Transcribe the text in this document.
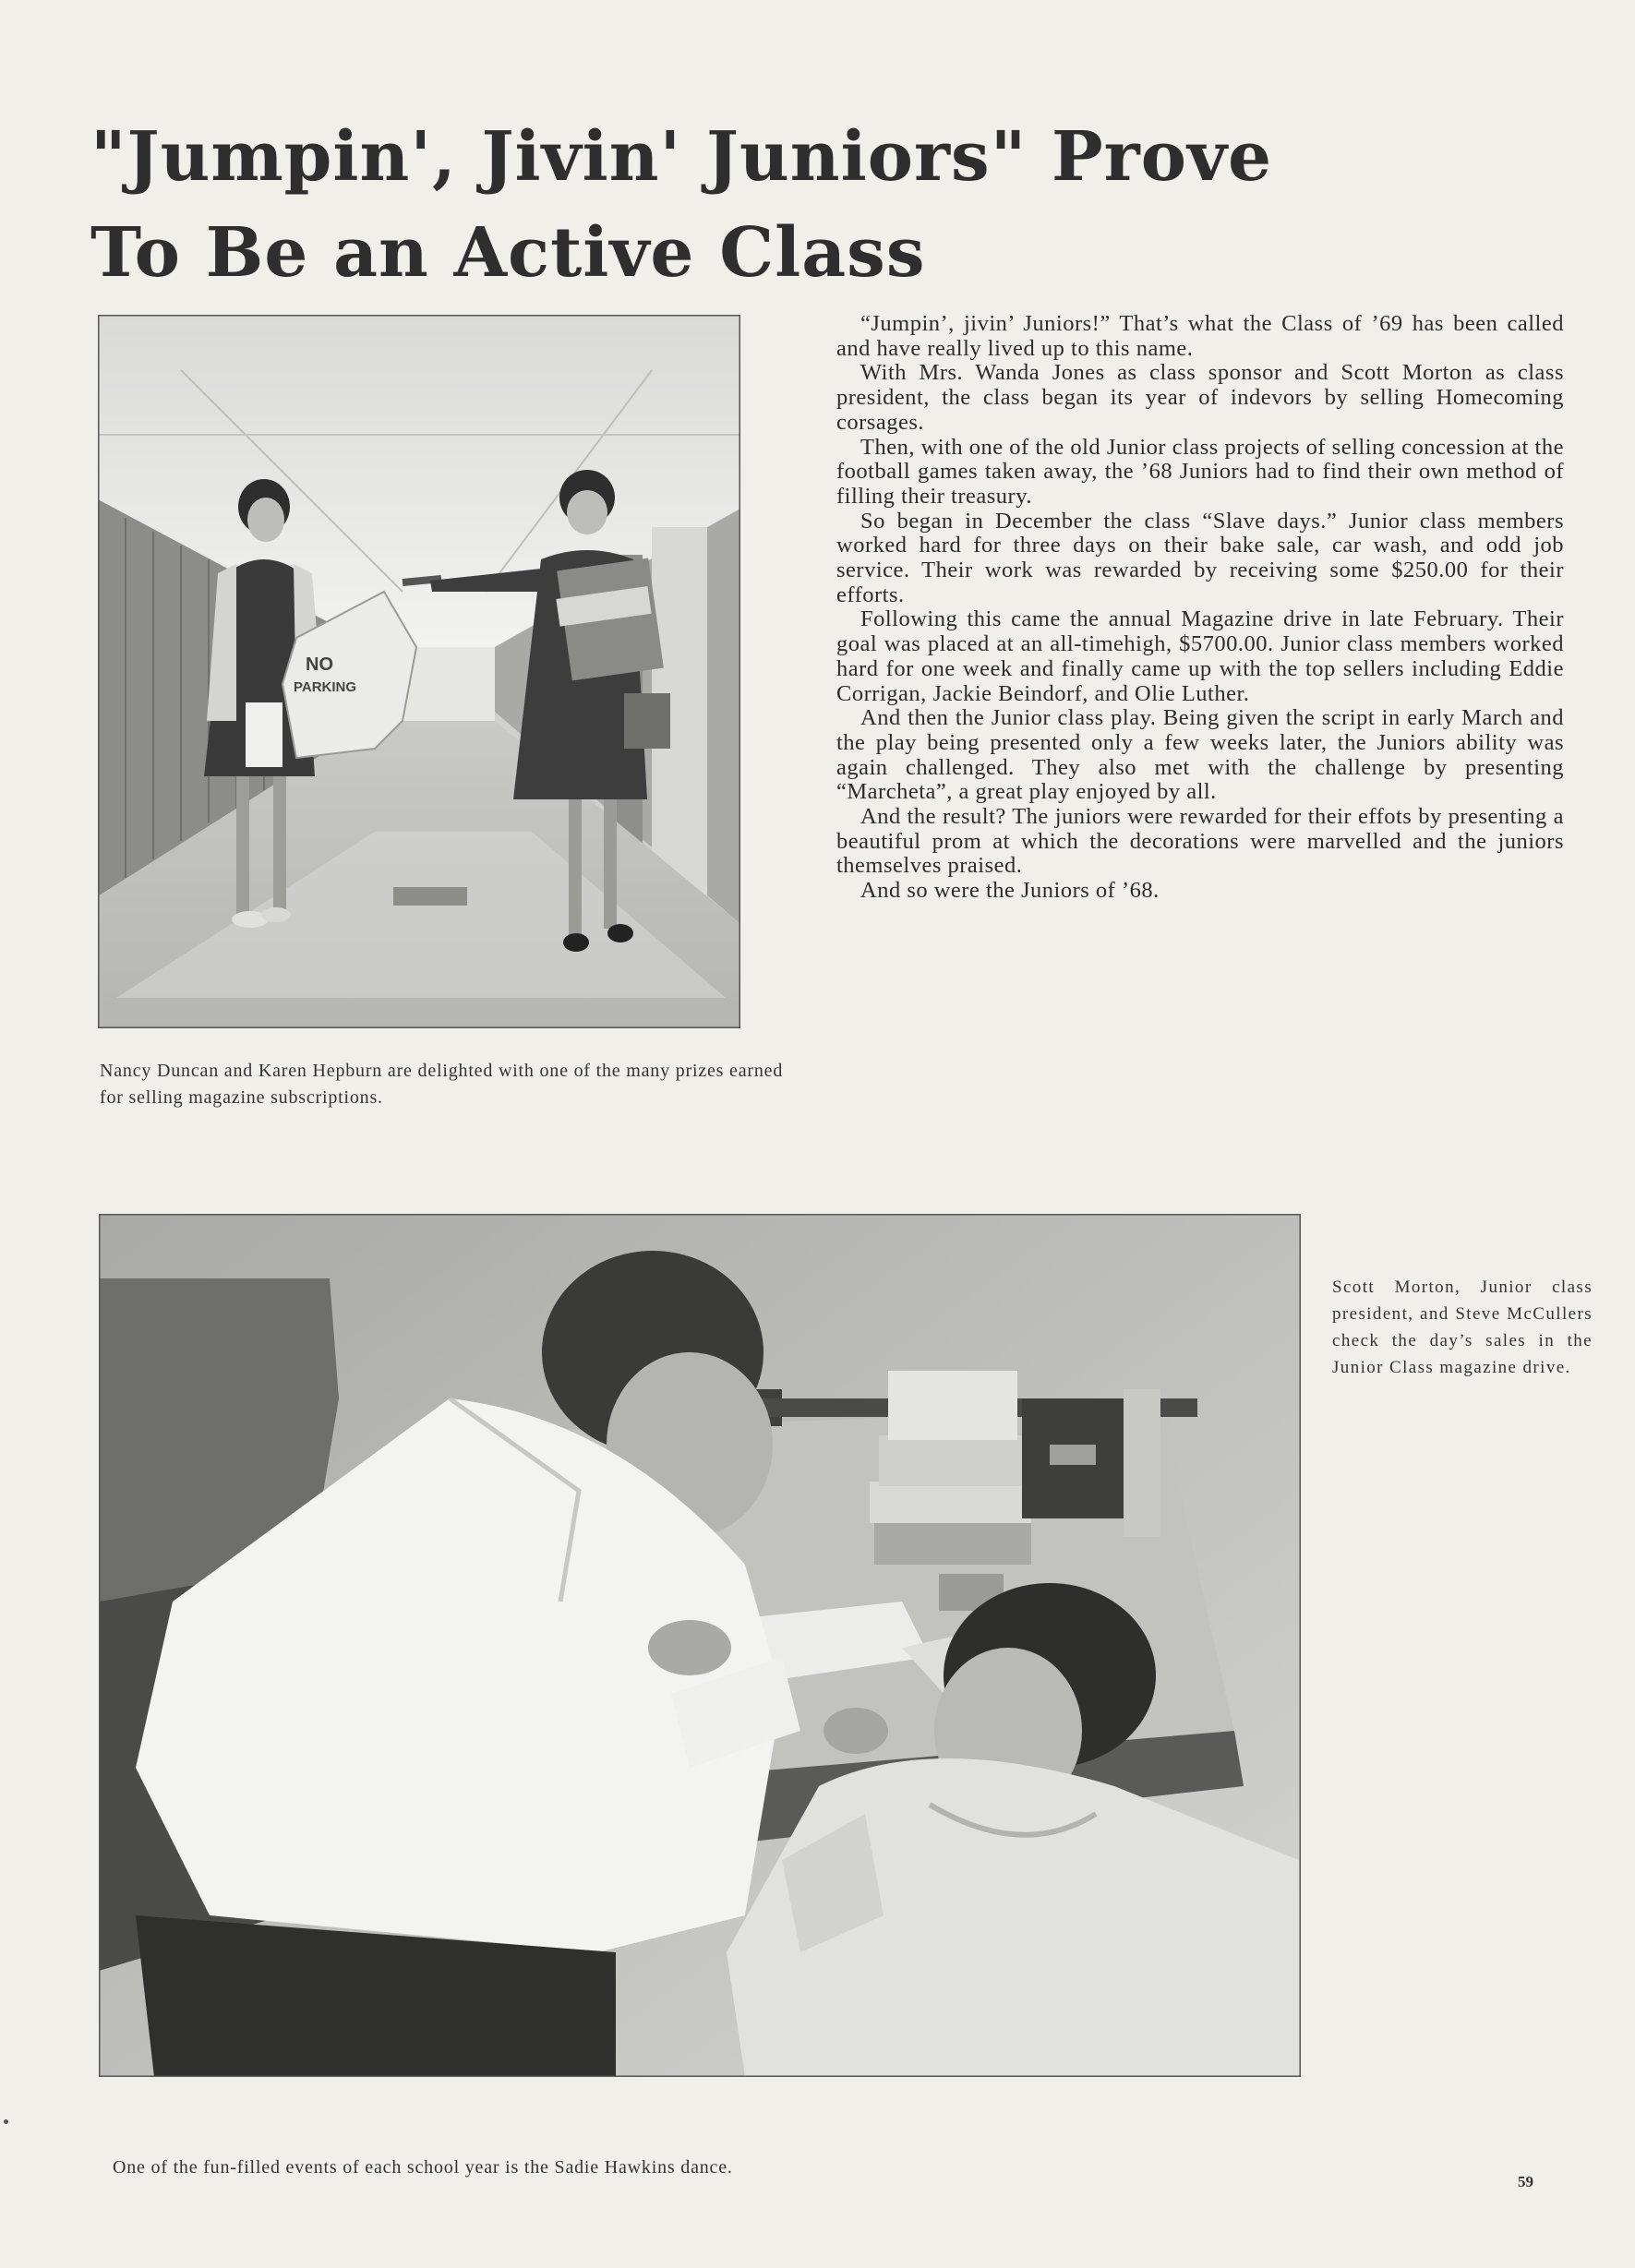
"Jumpin', Jivin' Juniors" Prove
To Be an Active Class
NO
PARKING
Nancy Duncan and Karen Hepburn are delighted with one of the many prizes earned for selling magazine subscriptions.

“Jumpin’, jivin’ Juniors!” That’s what the Class of ’69 has been called and have really lived up to this name.

With Mrs. Wanda Jones as class sponsor and Scott Morton as class president, the class began its year of indevors by selling Homecoming corsages.

Then, with one of the old Junior class projects of selling concession at the football games taken away, the ’68 Juniors had to find their own method of filling their treasury.

So began in December the class “Slave days.” Junior class members worked hard for three days on their bake sale, car wash, and odd job service. Their work was rewarded by receiving some $250.00 for their efforts.

Following this came the annual Magazine drive in late February. Their goal was placed at an all-timehigh, $5700.00. Junior class members worked hard for one week and finally came up with the top sellers including Eddie Corrigan, Jackie Beindorf, and Olie Luther.

And then the Junior class play. Being given the script in early March and the play being presented only a few weeks later, the Juniors ability was again challenged. They also met with the challenge by presenting “Marcheta”, a great play enjoyed by all.

And the result? The juniors were rewarded for their effots by presenting a beautiful prom at which the decorations were marvelled and the juniors themselves praised.

And so were the Juniors of ’68.

Scott Morton, Junior class president, and Steve McCullers check the day’s sales in the Junior Class magazine drive.
One of the fun-filled events of each school year is the Sadie Hawkins dance.
59
